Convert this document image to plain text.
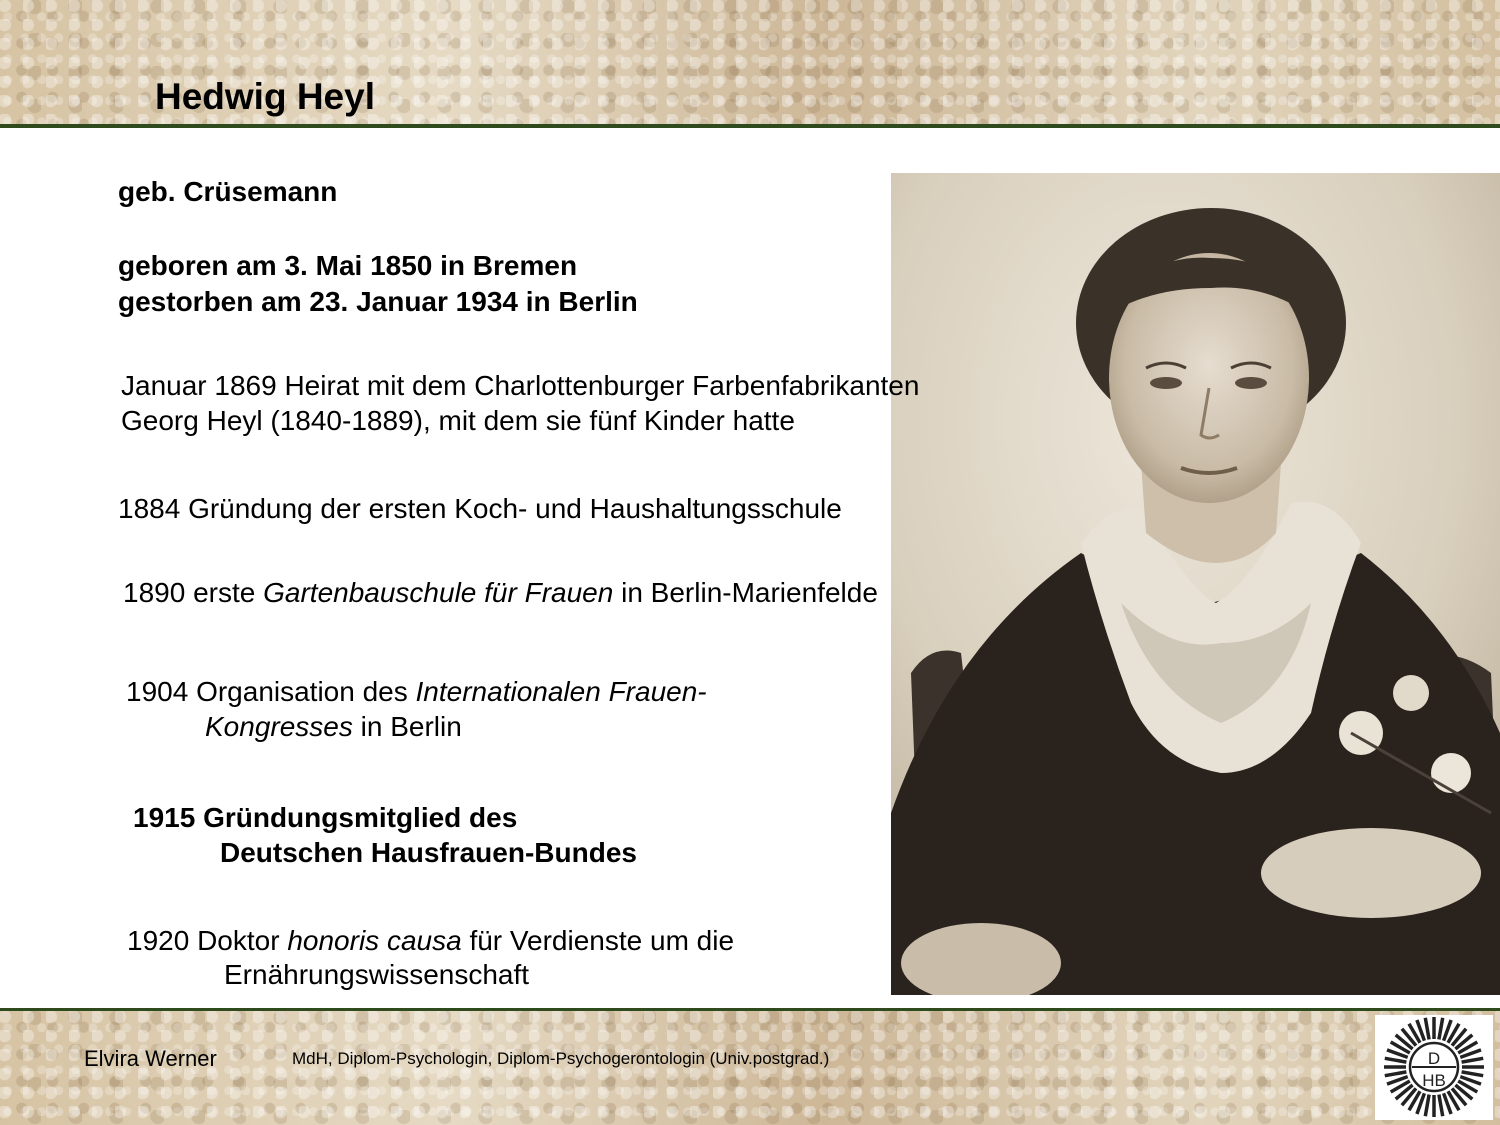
Hedwig Heyl

geb. Crüsemann

geboren am 3. Mai 1850 in Bremen

gestorben am 23. Januar 1934 in Berlin

Januar 1869 Heirat mit dem Charlottenburger Farbenfabrikanten

Georg Heyl (1840-1889), mit dem sie fünf Kinder hatte

1884 Gründung der ersten Koch- und Haushaltungsschule

1890 erste Gartenbauschule für Frauen in Berlin-Marienfelde

1904 Organisation des Internationalen Frauen-

Kongresses in Berlin

1915 Gründungsmitglied des

Deutschen Hausfrauen-Bundes

1920 Doktor honoris causa für Verdienste um die

Ernährungswissenschaft

Elvira Werner	MdH, Diplom-Psychologin, Diplom-Psychogerontologin (Univ.postgrad.)	D
HB
